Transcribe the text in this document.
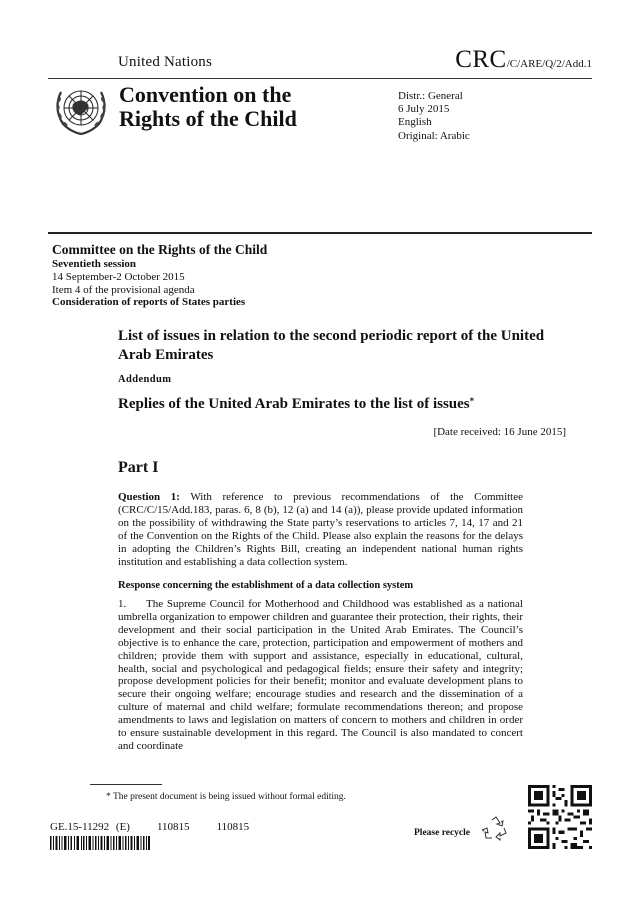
United Nations	CRC/C/ARE/Q/2/Add.1
Convention on the
Rights of the Child
Distr.: General
6 July 2015
English
Original: Arabic
Committee on the Rights of the Child
Seventieth session
14 September-2 October 2015
Item 4 of the provisional agenda
Consideration of reports of States parties
List of issues in relation to the second periodic report of the United Arab Emirates
Addendum
Replies of the United Arab Emirates to the list of issues*
[Date received: 16 June 2015]
Part I
Question 1: With reference to previous recommendations of the Committee (CRC/C/15/Add.183, paras. 6, 8 (b), 12 (a) and 14 (a)), please provide updated information on the possibility of withdrawing the State party’s reservations to articles 7, 14, 17 and 21 of the Convention on the Rights of the Child. Please also explain the reasons for the delays in adopting the Children’s Rights Bill, creating an independent national human rights institution and establishing a data collection system.
Response concerning the establishment of a data collection system
1. The Supreme Council for Motherhood and Childhood was established as a national umbrella organization to empower children and guarantee their protection, their rights, their development and their social participation in the United Arab Emirates. The Council’s objective is to enhance the care, protection, participation and empowerment of mothers and children; provide them with support and assistance, especially in educational, cultural, health, social and psychological and pedagogical fields; ensure their safety and integrity; propose development policies for their benefit; monitor and evaluate development plans to secure their ongoing welfare; encourage studies and research and the dissemination of a culture of maternal and child welfare; formulate recommendations thereon; and propose amendments to laws and legislation on matters of concern to mothers and children in order to ensure sustainable development in this regard. The Council is also mandated to concert and coordinate
* The present document is being issued without formal editing.
GE.15-11292 (E) 110815 110815	Please recycle
